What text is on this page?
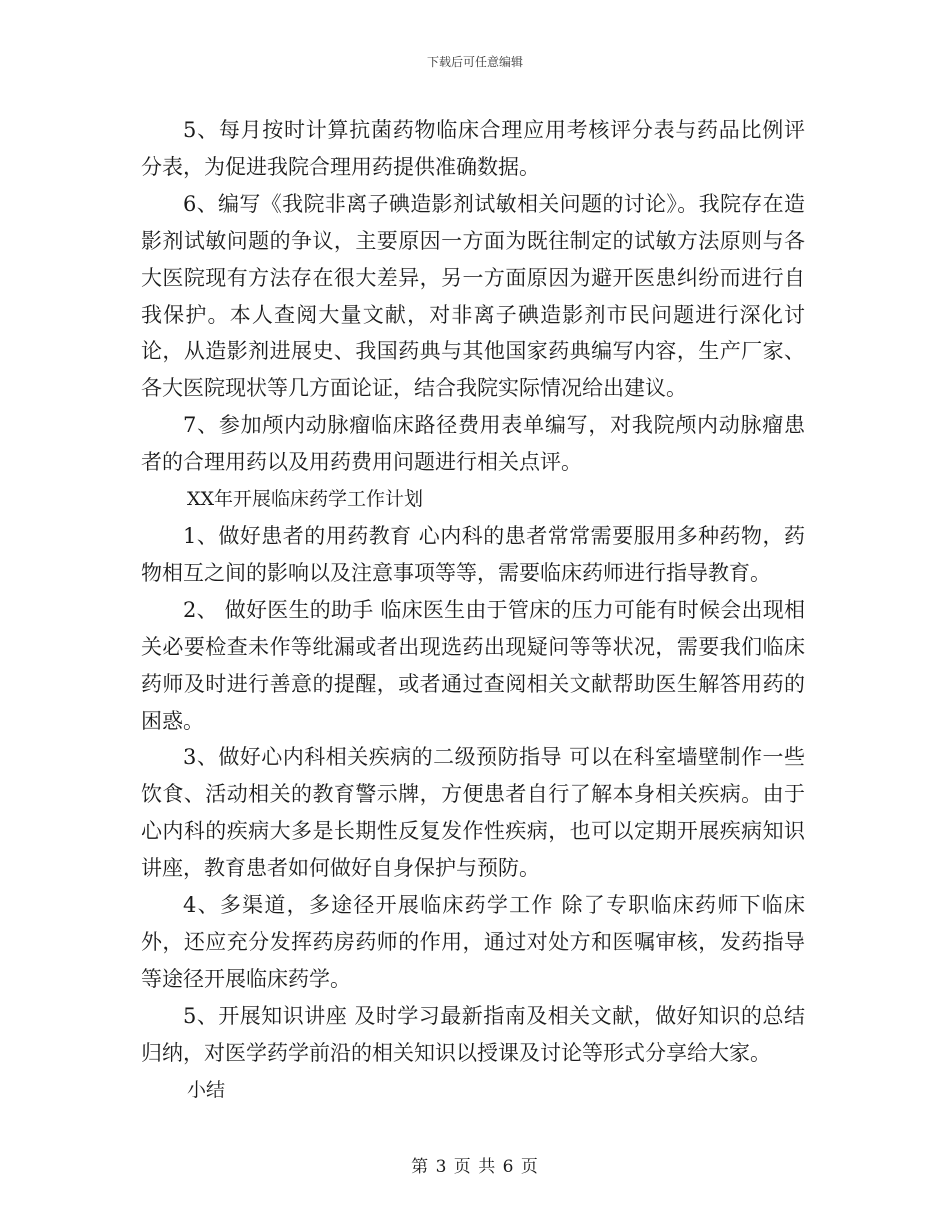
下载后可任意编辑

5、每月按时计算抗菌药物临床合理应用考核评分表与药品比例评分表，为促进我院合理用药提供准确数据。

6、编写《我院非离子碘造影剂试敏相关问题的讨论》。我院存在造影剂试敏问题的争议，主要原因一方面为既往制定的试敏方法原则与各大医院现有方法存在很大差异，另一方面原因为避开医患纠纷而进行自我保护。本人查阅大量文献，对非离子碘造影剂市民问题进行深化讨论，从造影剂进展史、我国药典与其他国家药典编写内容，生产厂家、各大医院现状等几方面论证，结合我院实际情况给出建议。

7、参加颅内动脉瘤临床路径费用表单编写，对我院颅内动脉瘤患者的合理用药以及用药费用问题进行相关点评。

XX年开展临床药学工作计划

1、做好患者的用药教育 心内科的患者常常需要服用多种药物，药物相互之间的影响以及注意事项等等，需要临床药师进行指导教育。

2、 做好医生的助手 临床医生由于管床的压力可能有时候会出现相关必要检查未作等纰漏或者出现选药出现疑问等等状况，需要我们临床药师及时进行善意的提醒，或者通过查阅相关文献帮助医生解答用药的困惑。

3、做好心内科相关疾病的二级预防指导 可以在科室墙壁制作一些饮食、活动相关的教育警示牌，方便患者自行了解本身相关疾病。由于心内科的疾病大多是长期性反复发作性疾病，也可以定期开展疾病知识讲座，教育患者如何做好自身保护与预防。

4、多渠道，多途径开展临床药学工作 除了专职临床药师下临床外，还应充分发挥药房药师的作用，通过对处方和医嘱审核，发药指导等途径开展临床药学。

5、开展知识讲座 及时学习最新指南及相关文献，做好知识的总结归纳，对医学药学前沿的相关知识以授课及讨论等形式分享给大家。

小结

第 3 页 共 6 页
